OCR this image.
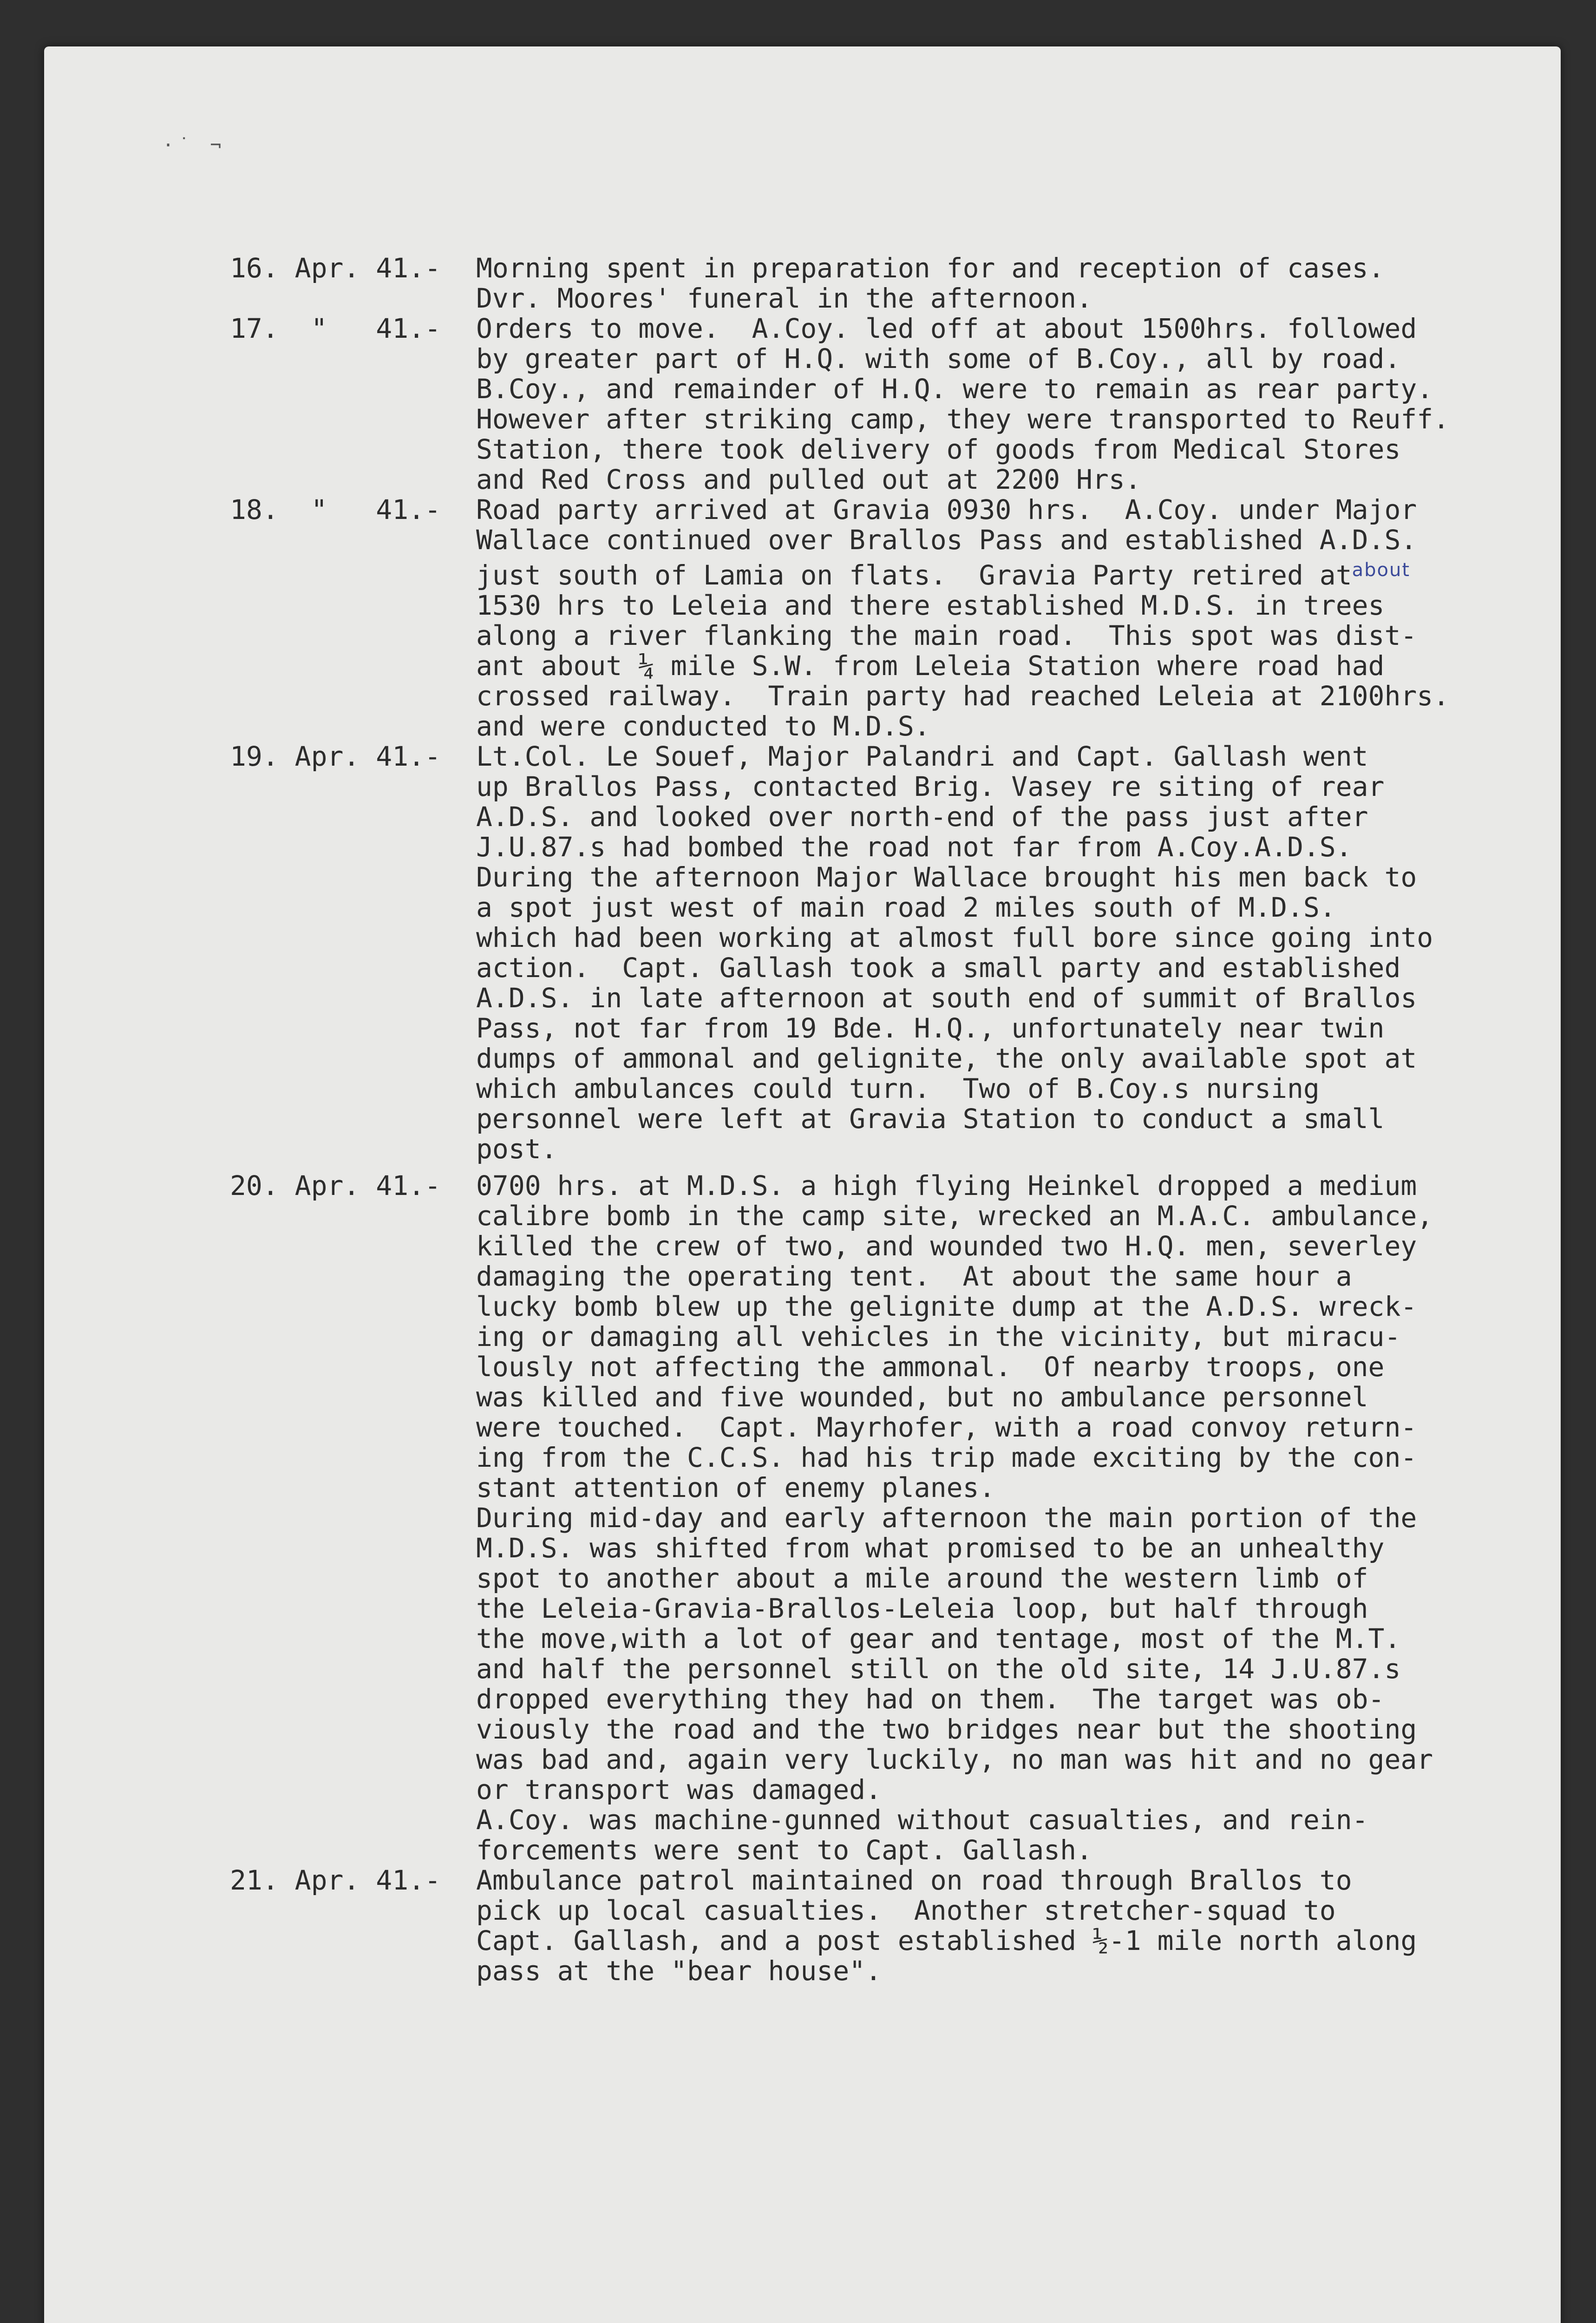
·˙ ¬
16. Apr. 41.- Morning spent in preparation for and reception of cases.
Dvr. Moores' funeral in the afternoon.
17.  "   41.-	Orders to move.  A.Coy. led off at about 1500hrs. followed
by greater part of H.Q. with some of B.Coy., all by road.
B.Coy., and remainder of H.Q. were to remain as rear party.
However after striking camp, they were transported to Reuff.
Station, there took delivery of goods from Medical Stores
and Red Cross and pulled out at 2200 Hrs.
18.  "   41.-	Road party arrived at Gravia 0930 hrs.  A.Coy. under Major
Wallace continued over Brallos Pass and established A.D.S.
just south of Lamia on flats.  Gravia Party retired $at^{about}$
1530 hrs to Leleia and there established M.D.S. in trees
along a river flanking the main road.  This spot was dist-
ant about ¼ mile S.W. from Leleia Station where road had
crossed railway.  Train party had reached Leleia at 2100hrs.
and were conducted to M.D.S.
19. Apr. 41.-	Lt.Col. Le Souef, Major Palandri and Capt. Gallash went
up Brallos Pass, contacted Brig. Vasey re siting of rear
A.D.S. and looked over north-end of the pass just after
J.U.87.s had bombed the road not far from A.Coy.A.D.S.
During the afternoon Major Wallace brought his men back to
a spot just west of main road 2 miles south of M.D.S.
which had been working at almost full bore since going into
action.  Capt. Gallash took a small party and established
A.D.S. in late afternoon at south end of summit of Brallos
Pass, not far from 19 Bde. H.Q., unfortunately near twin
dumps of ammonal and gelignite, the only available spot at
which ambulances could turn.  Two of B.Coy.s nursing
personnel were left at Gravia Station to conduct a small
post.
20. Apr. 41.-	0700 hrs. at M.D.S. a high flying Heinkel dropped a medium
calibre bomb in the camp site, wrecked an M.A.C. ambulance,
killed the crew of two, and wounded two H.Q. men, severley
damaging the operating tent.  At about the same hour a
lucky bomb blew up the gelignite dump at the A.D.S. wreck-
ing or damaging all vehicles in the vicinity, but miracu-
lously not affecting the ammonal.  Of nearby troops, one
was killed and five wounded, but no ambulance personnel
were touched.  Capt. Mayrhofer, with a road convoy return-
ing from the C.C.S. had his trip made exciting by the con-
stant attention of enemy planes.
During mid-day and early afternoon the main portion of the
M.D.S. was shifted from what promised to be an unhealthy
spot to another about a mile around the western limb of
the Leleia-Gravia-Brallos-Leleia loop, but half through
the move,with a lot of gear and tentage, most of the M.T.
and half the personnel still on the old site, 14 J.U.87.s
dropped everything they had on them.  The target was ob-
viously the road and the two bridges near but the shooting
was bad and, again very luckily, no man was hit and no gear
or transport was damaged.
A.Coy. was machine-gunned without casualties, and rein-
forcements were sent to Capt. Gallash.
21. Apr. 41.-	Ambulance patrol maintained on road through Brallos to
pick up local casualties.  Another stretcher-squad to
Capt. Gallash, and a post established ½-1 mile north along
pass at the "bear house".
